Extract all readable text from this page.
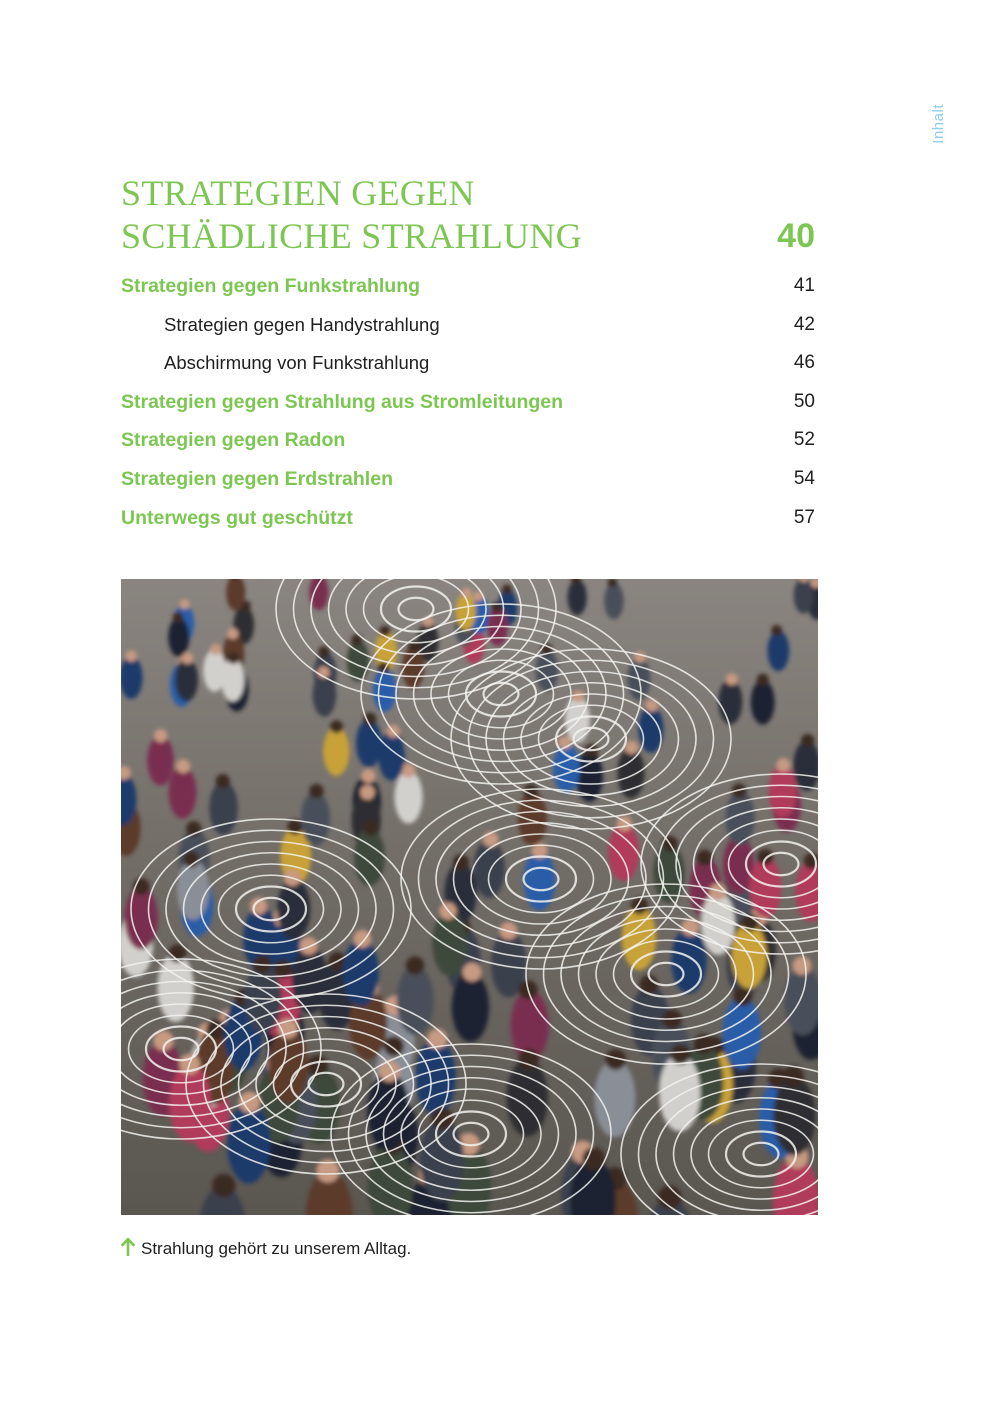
Inhalt
STRATEGIEN GEGEN
SCHÄDLICHE STRAHLUNG	40
Strategien gegen Funkstrahlung	41
Strategien gegen Handystrahlung	42
Abschirmung von Funkstrahlung	46
Strategien gegen Strahlung aus Stromleitungen	50
Strategien gegen Radon	52
Strategien gegen Erdstrahlen	54
Unterwegs gut geschützt	57
Strahlung gehört zu unserem Alltag.
